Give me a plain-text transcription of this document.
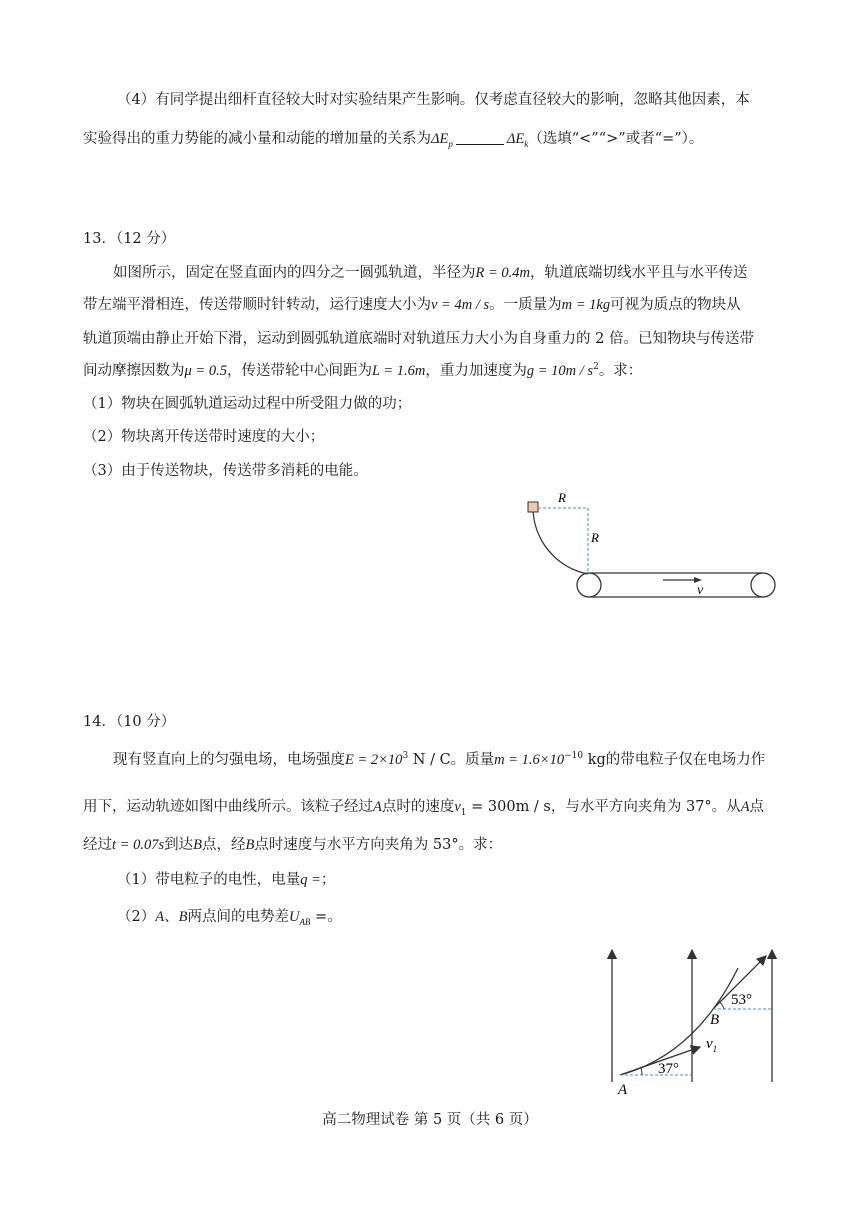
（4）有同学提出细杆直径较大时对实验结果产生影响。仅考虑直径较大的影响，忽略其他因素，本
实验得出的重力势能的减小量和动能的增加量的关系为$\Delta E_p$	$\Delta E_k$（选填“<”“>”或者“=”）。
13．（12 分）
如图所示，固定在竖直面内的四分之一圆弧轨道，半径为R = 0.4m，轨道底端切线水平且与水平传送
带左端平滑相连，传送带顺时针转动，运行速度大小为v = 4m / s。一质量为m = 1kg可视为质点的物块从
轨道顶端由静止开始下滑，运动到圆弧轨道底端时对轨道压力大小为自身重力的 2 倍。已知物块与传送带
间动摩擦因数为μ = 0.5，传送带轮中心间距为L = 1.6m，重力加速度为$g = 10m / s^2$。求：
（1）物块在圆弧轨道运动过程中所受阻力做的功；
（2）物块离开传送带时速度的大小；
（3）由于传送物块，传送带多消耗的电能。
R
R
v
14．（10 分）
现有竖直向上的匀强电场，电场强度$E = 2\times 10^3$ N / C。质量$m = 1.6\times 10^{-10}$ kg的带电粒子仅在电场力作
用下，运动轨迹如图中曲线所示。该粒子经过A点时的速度$v_1 = 300m / s$，与水平方向夹角为 37°。从A点
经过t = 0.07s到达B点，经B点时速度与水平方向夹角为 53°。求：
（1）带电粒子的电性，电量q =；
（2）A、B两点间的电势差$U_{AB}$ =。
53°
37°
B
A
$v_1$
高二物理试卷 第 5 页（共 6 页）
